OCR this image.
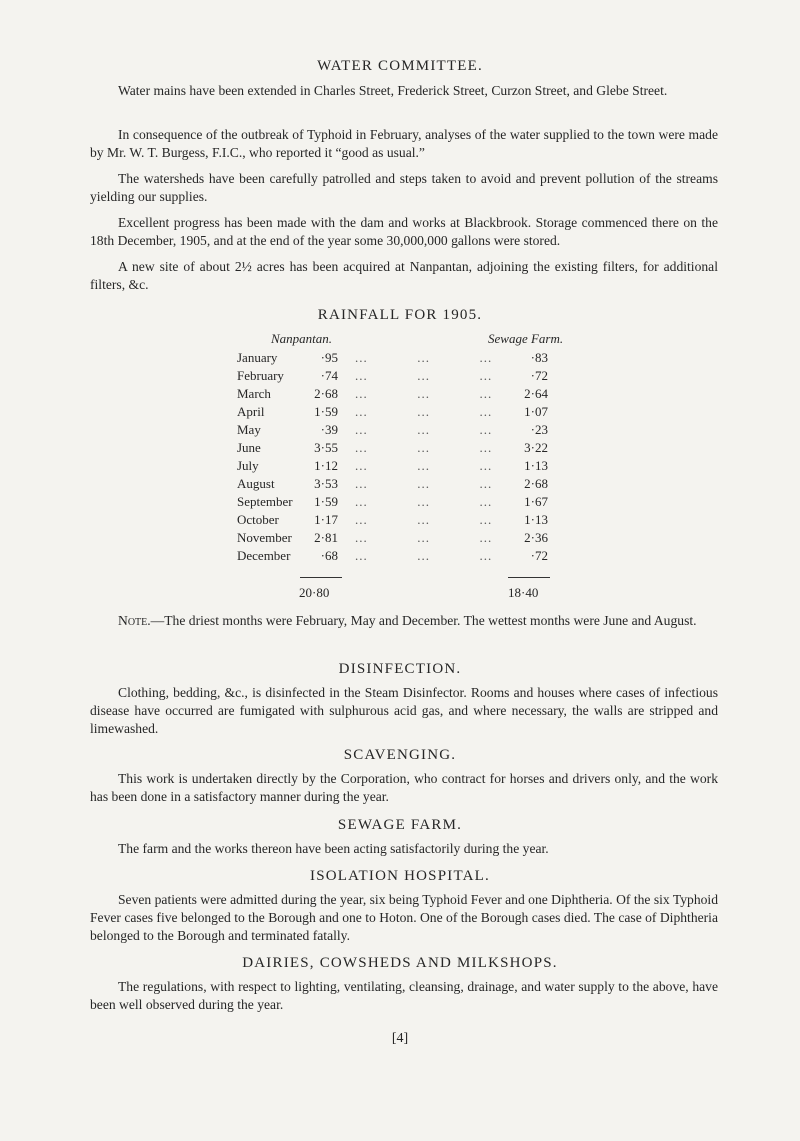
WATER COMMITTEE.
Water mains have been extended in Charles Street, Frederick Street, Curzon Street, and Glebe Street.
In consequence of the outbreak of Typhoid in February, analyses of the water supplied to the town were made by Mr. W. T. Burgess, F.I.C., who reported it “good as usual.”
The watersheds have been carefully patrolled and steps taken to avoid and prevent pollution of the streams yielding our supplies.
Excellent progress has been made with the dam and works at Blackbrook. Storage commenced there on the 18th December, 1905, and at the end of the year some 30,000,000 gallons were stored.
A new site of about 2½ acres has been acquired at Nanpantan, adjoining the existing filters, for additional filters, &c.
RAINFALL FOR 1905.
Nanpantan.	Sewage Farm.
January	·95 ...    	...    	...	·83
February	·74 ...    	...    	...	·72
March	2·68 ...    	...    	...	2·64
April	1·59 ...    	...    	...	1·07
May	·39 ...    	...    	...	·23
June	3·55 ...    	...    	...	3·22
July	1·12 ...    	...    	...	1·13
August	3·53 ...    	...    	...	2·68
September	1·59 ...    	...    	...	1·67
October	1·17 ...    	...    	...	1·13
November	2·81 ...    	...    	...	2·36
December	·68 ...    	...    	...	·72
20·80	18·40
Note.—The driest months were February, May and December. The wettest months were June and August.
DISINFECTION.
Clothing, bedding, &c., is disinfected in the Steam Disinfector. Rooms and houses where cases of infectious disease have occurred are fumigated with sulphurous acid gas, and where necessary, the walls are stripped and limewashed.
SCAVENGING.
This work is undertaken directly by the Corporation, who contract for horses and drivers only, and the work has been done in a satisfactory manner during the year.
SEWAGE FARM.
The farm and the works thereon have been acting satisfactorily during the year.
ISOLATION HOSPITAL.
Seven patients were admitted during the year, six being Typhoid Fever and one Diphtheria. Of the six Typhoid Fever cases five belonged to the Borough and one to Hoton. One of the Borough cases died. The case of Diphtheria belonged to the Borough and terminated fatally.
DAIRIES, COWSHEDS AND MILKSHOPS.
The regulations, with respect to lighting, ventilating, cleansing, drainage, and water supply to the above, have been well observed during the year.
[4]
